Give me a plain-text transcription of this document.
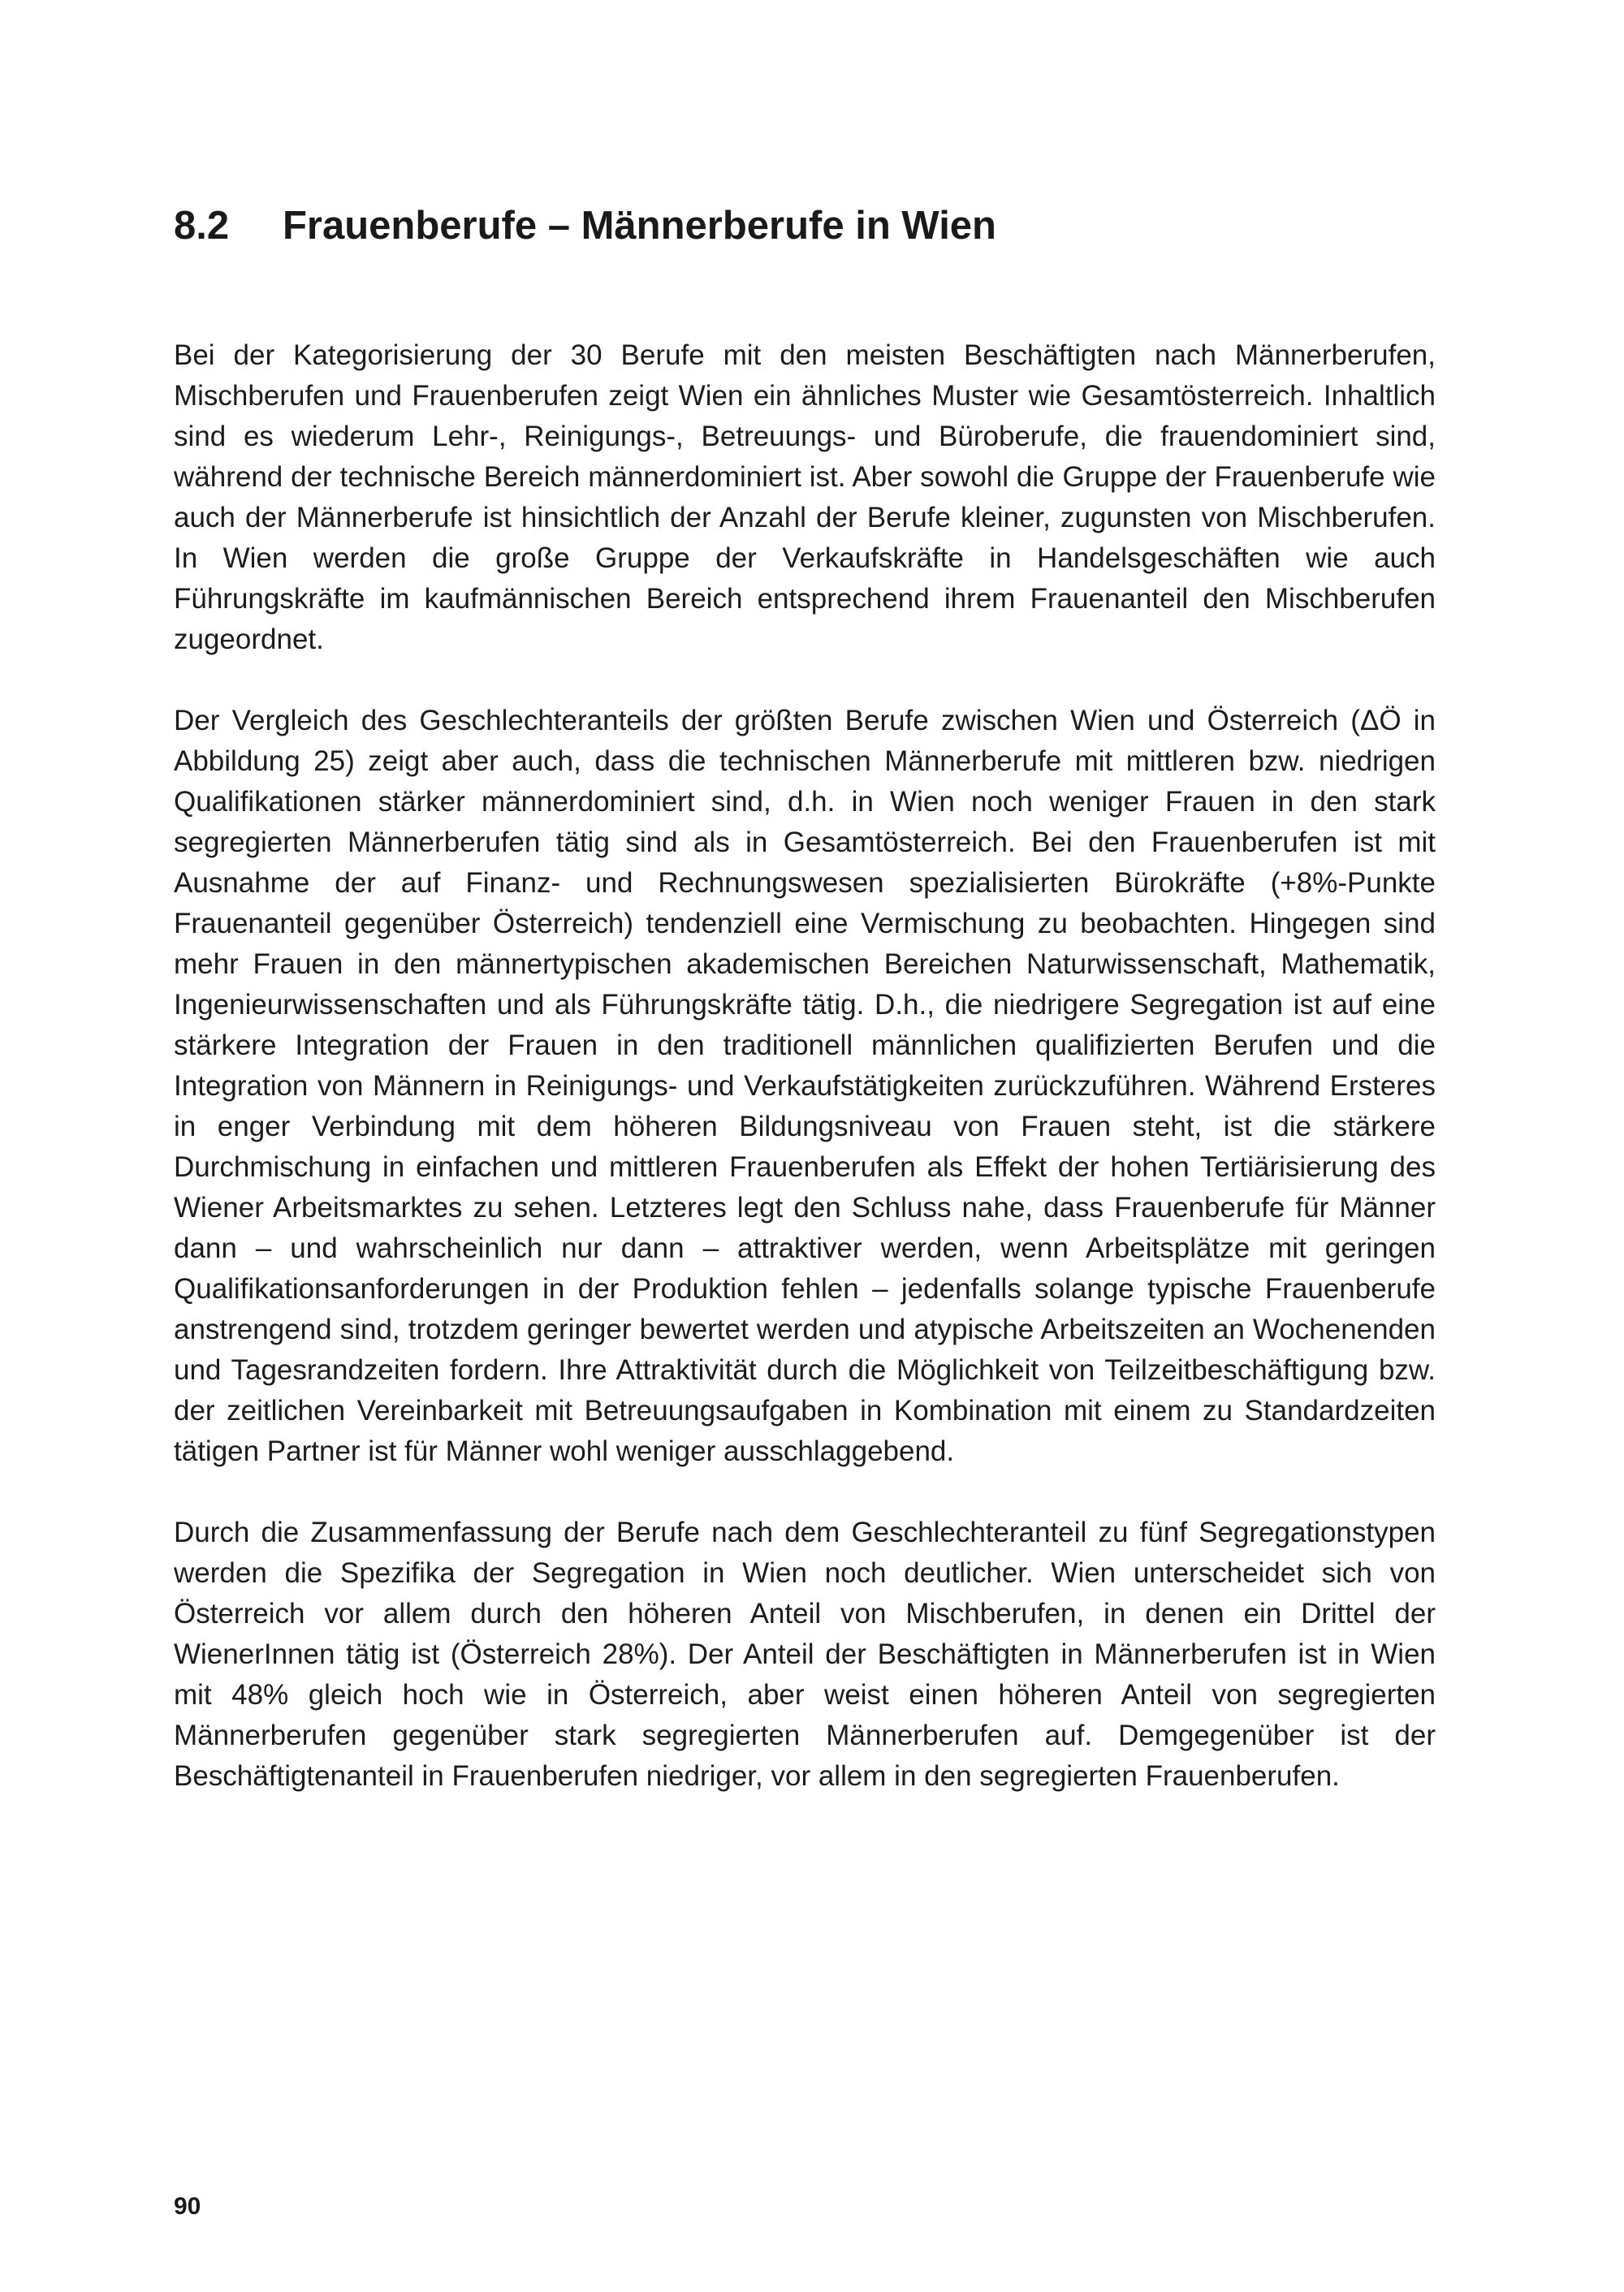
8.2 Frauenberufe – Männerberufe in Wien

Bei der Kategorisierung der 30 Berufe mit den meisten Beschäftigten nach Männerberufen, Mischberufen und Frauenberufen zeigt Wien ein ähnliches Muster wie Gesamtösterreich. Inhaltlich sind es wiederum Lehr-, Reinigungs-, Betreuungs- und Büroberufe, die frauendominiert sind, während der technische Bereich männerdominiert ist. Aber sowohl die Gruppe der Frauenberufe wie auch der Männerberufe ist hinsichtlich der Anzahl der Berufe kleiner, zugunsten von Mischberufen. In Wien werden die große Gruppe der Verkaufskräfte in Handelsgeschäften wie auch Führungskräfte im kaufmännischen Bereich entsprechend ihrem Frauenanteil den Mischberufen zugeordnet.

Der Vergleich des Geschlechteranteils der größten Berufe zwischen Wien und Österreich (ΔÖ in Abbildung 25) zeigt aber auch, dass die technischen Männerberufe mit mittleren bzw. niedrigen Qualifikationen stärker männerdominiert sind, d.h. in Wien noch weniger Frauen in den stark segregierten Männerberufen tätig sind als in Gesamtösterreich. Bei den Frauenberufen ist mit Ausnahme der auf Finanz- und Rechnungswesen spezialisierten Bürokräfte (+8%-Punkte Frauenanteil gegenüber Österreich) tendenziell eine Vermischung zu beobachten. Hingegen sind mehr Frauen in den männertypischen akademischen Bereichen Naturwissenschaft, Mathematik, Ingenieurwissenschaften und als Führungskräfte tätig. D.h., die niedrigere Segregation ist auf eine stärkere Integration der Frauen in den traditionell männlichen qualifizierten Berufen und die Integration von Männern in Reinigungs- und Verkaufstätigkeiten zurückzuführen. Während Ersteres in enger Verbindung mit dem höheren Bildungsniveau von Frauen steht, ist die stärkere Durchmischung in einfachen und mittleren Frauenberufen als Effekt der hohen Tertiärisierung des Wiener Arbeitsmarktes zu sehen. Letzteres legt den Schluss nahe, dass Frauenberufe für Männer dann – und wahrscheinlich nur dann – attraktiver werden, wenn Arbeitsplätze mit geringen Qualifikationsanforderungen in der Produktion fehlen – jedenfalls solange typische Frauenberufe anstrengend sind, trotzdem geringer bewertet werden und atypische Arbeitszeiten an Wochenenden und Tagesrandzeiten fordern. Ihre Attraktivität durch die Möglichkeit von Teilzeitbeschäftigung bzw. der zeitlichen Vereinbarkeit mit Betreuungsaufgaben in Kombination mit einem zu Standardzeiten tätigen Partner ist für Männer wohl weniger ausschlaggebend.

Durch die Zusammenfassung der Berufe nach dem Geschlechteranteil zu fünf Segregationstypen werden die Spezifika der Segregation in Wien noch deutlicher. Wien unterscheidet sich von Österreich vor allem durch den höheren Anteil von Mischberufen, in denen ein Drittel der WienerInnen tätig ist (Österreich 28%). Der Anteil der Beschäftigten in Männerberufen ist in Wien mit 48% gleich hoch wie in Österreich, aber weist einen höheren Anteil von segregierten Männerberufen gegenüber stark segregierten Männerberufen auf. Demgegenüber ist der Beschäftigtenanteil in Frauenberufen niedriger, vor allem in den segregierten Frauenberufen.

90
